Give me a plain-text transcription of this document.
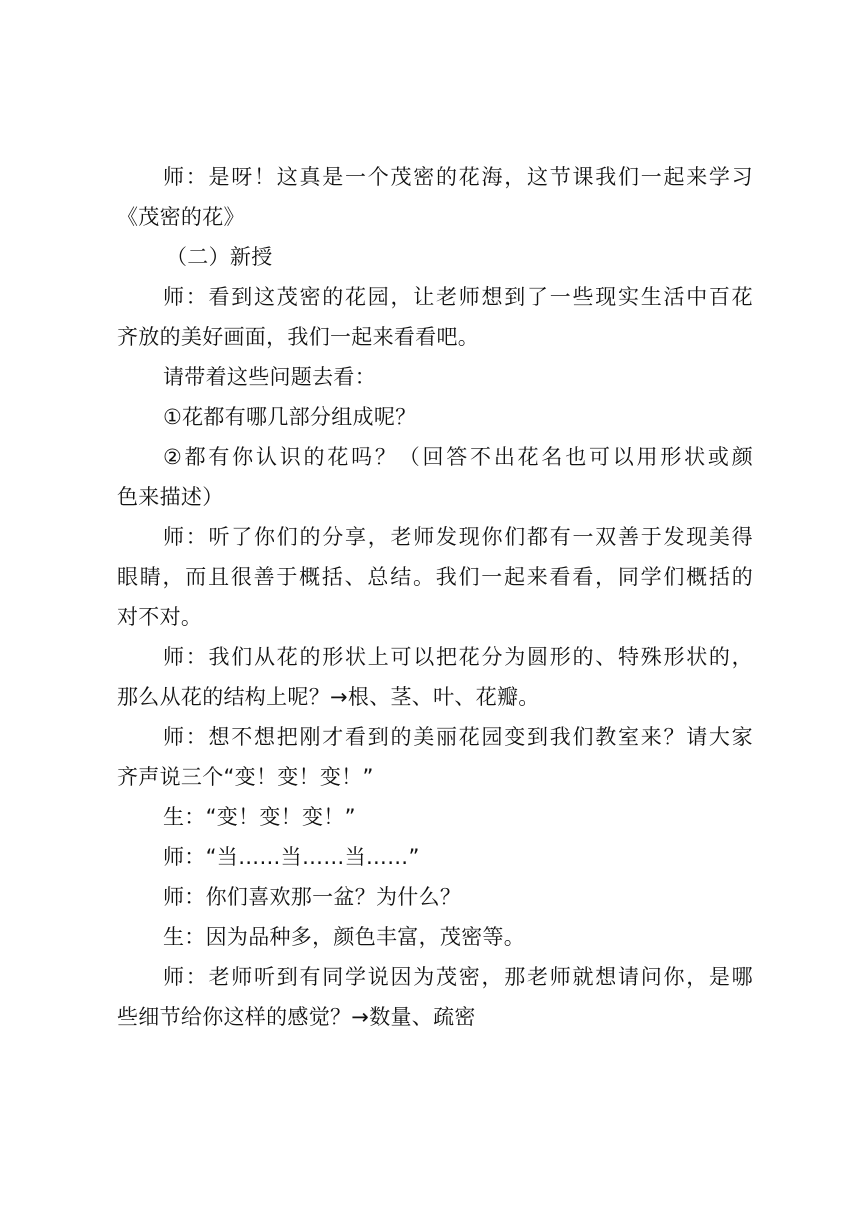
师：是呀！这真是一个茂密的花海，这节课我们一起来学习
《茂密的花》
（二）新授
师：看到这茂密的花园，让老师想到了一些现实生活中百花
齐放的美好画面，我们一起来看看吧。
请带着这些问题去看：
①花都有哪几部分组成呢？
②都有你认识的花吗？（回答不出花名也可以用形状或颜
色来描述）
师：听了你们的分享，老师发现你们都有一双善于发现美得
眼睛，而且很善于概括、总结。我们一起来看看，同学们概括的
对不对。
师：我们从花的形状上可以把花分为圆形的、特殊形状的，
那么从花的结构上呢？→根、茎、叶、花瓣。
师：想不想把刚才看到的美丽花园变到我们教室来？请大家
齐声说三个“变！变！变！”
生：“变！变！变！”
师：“当……当……当……”
师：你们喜欢那一盆？为什么？
生：因为品种多，颜色丰富，茂密等。
师：老师听到有同学说因为茂密，那老师就想请问你，是哪
些细节给你这样的感觉？→数量、疏密
